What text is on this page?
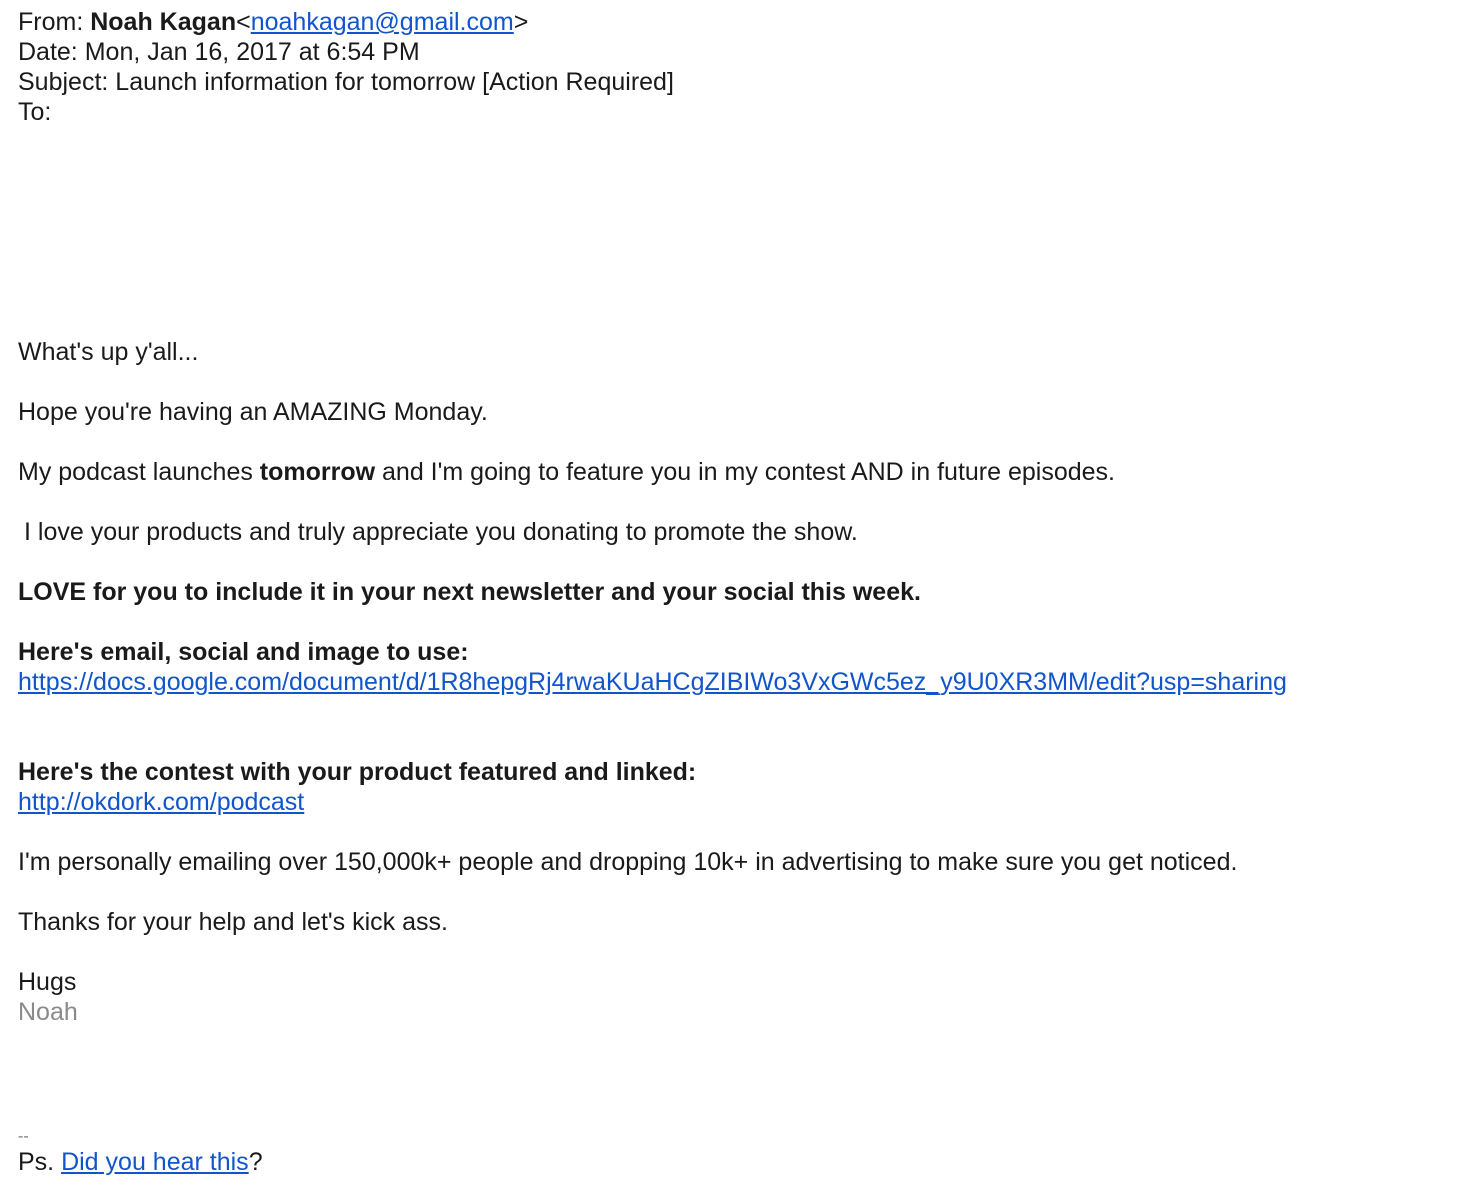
From: Noah Kagan<noahkagan@gmail.com>
Date: Mon, Jan 16, 2017 at 6:54 PM
Subject: Launch information for tomorrow [Action Required]
To:
What's up y'all...
Hope you're having an AMAZING Monday.
My podcast launches tomorrow and I'm going to feature you in my contest AND in future episodes.
I love your products and truly appreciate you donating to promote the show.
LOVE for you to include it in your next newsletter and your social this week.
Here's email, social and image to use:
https://docs.google.com/document/d/1R8hepgRj4rwaKUaHCgZIBIWo3VxGWc5ez_y9U0XR3MM/edit?usp=sharing
Here's the contest with your product featured and linked:
http://okdork.com/podcast
I'm personally emailing over 150,000k+ people and dropping 10k+ in advertising to make sure you get noticed.
Thanks for your help and let's kick ass.
Hugs
Noah
--
Ps. Did you hear this?
